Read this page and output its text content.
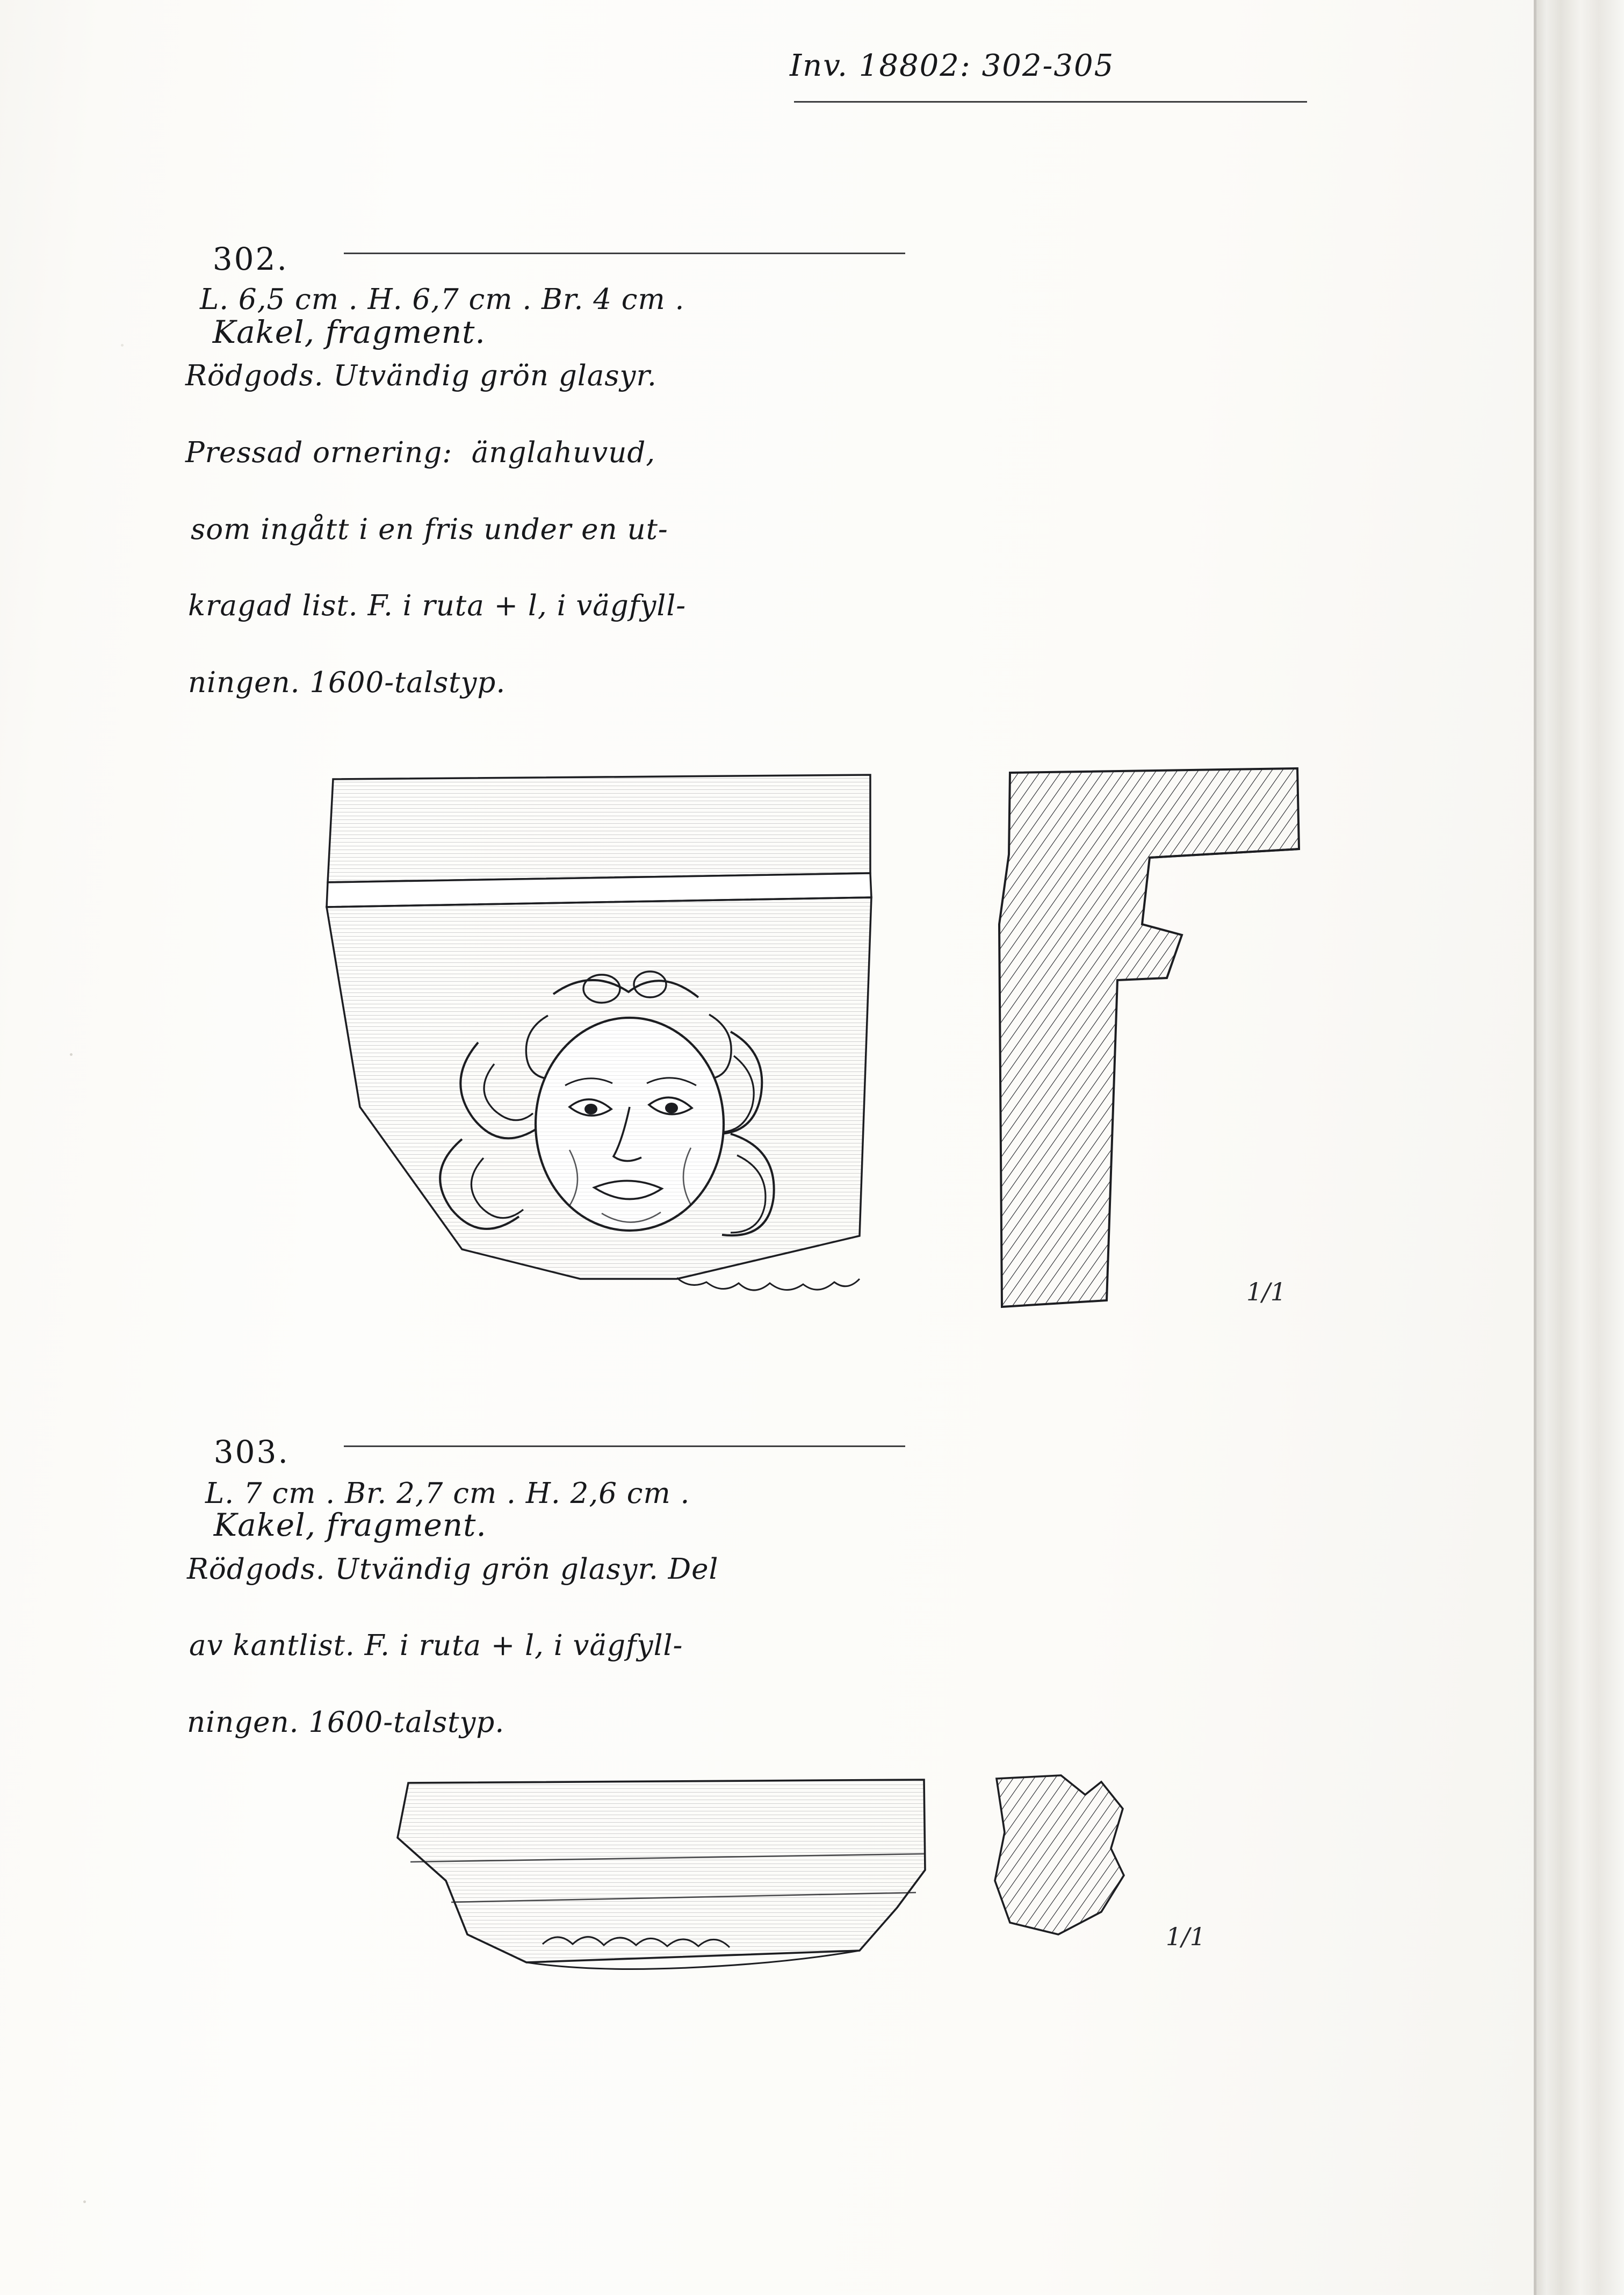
Inv. 18802: 302-305

302.

Kakel, fragment.

L. 6,5 cm . H. 6,7 cm . Br. 4 cm .
Rödgods. Utvändig grön glasyr.
Pressad ornering:  änglahuvud,
som ingått i en fris under en ut-
kragad list. F. i ruta + l, i vägfyll-
ningen. 1600-talstyp.
1/1

303.

Kakel, fragment.

L. 7 cm . Br. 2,7 cm . H. 2,6 cm .
Rödgods. Utvändig grön glasyr. Del
av kantlist. F. i ruta + l, i vägfyll-
ningen. 1600-talstyp.
1/1
